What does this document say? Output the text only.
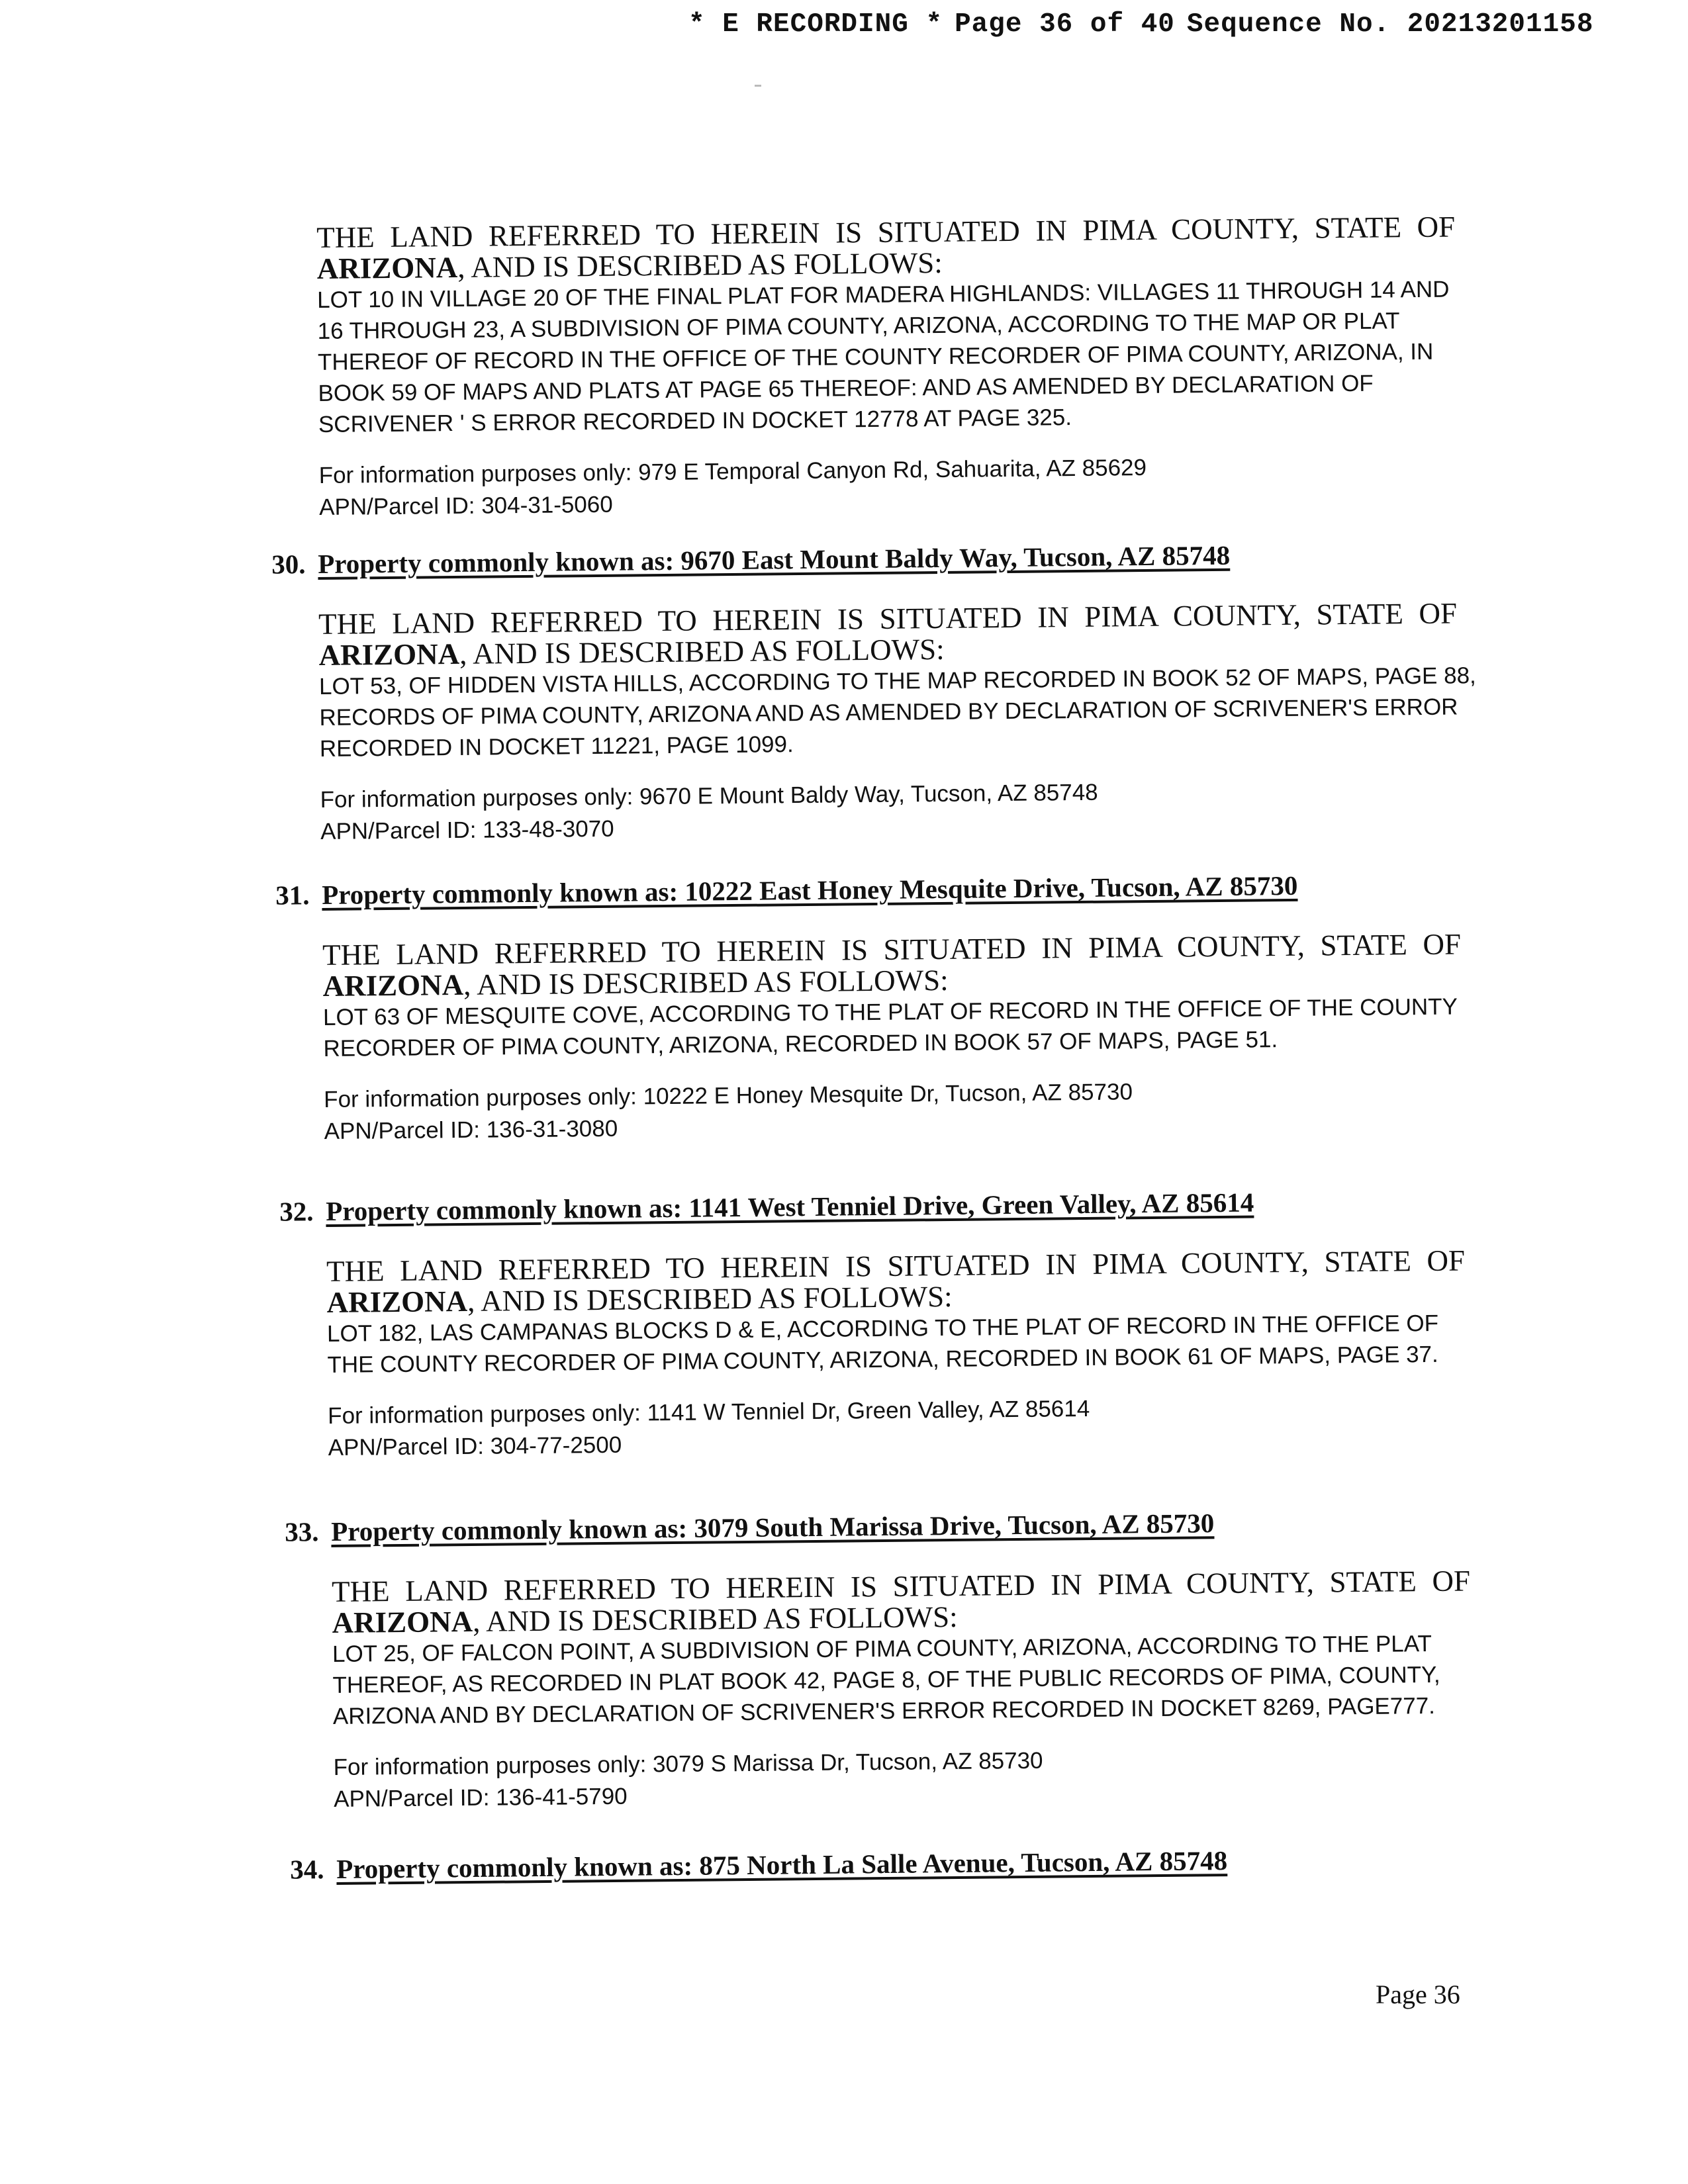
* E RECORDING * Page 36 of 40 Sequence No. 20213201158
THE LAND REFERRED TO HEREIN IS SITUATED IN PIMA COUNTY, STATE OF
ARIZONA, AND IS DESCRIBED AS FOLLOWS:
LOT 10 IN VILLAGE 20 OF THE FINAL PLAT FOR MADERA HIGHLANDS: VILLAGES 11 THROUGH 14 AND
16 THROUGH 23, A SUBDIVISION OF PIMA COUNTY, ARIZONA, ACCORDING TO THE MAP OR PLAT
THEREOF OF RECORD IN THE OFFICE OF THE COUNTY RECORDER OF PIMA COUNTY, ARIZONA, IN
BOOK 59 OF MAPS AND PLATS AT PAGE 65 THEREOF: AND AS AMENDED BY DECLARATION OF
SCRIVENER ' S ERROR RECORDED IN DOCKET 12778 AT PAGE 325.
For information purposes only: 979 E Temporal Canyon Rd, Sahuarita, AZ 85629
APN/Parcel ID: 304-31-5060
30. Property commonly known as: 9670 East Mount Baldy Way, Tucson, AZ 85748
THE LAND REFERRED TO HEREIN IS SITUATED IN PIMA COUNTY, STATE OF
ARIZONA, AND IS DESCRIBED AS FOLLOWS:
LOT 53, OF HIDDEN VISTA HILLS, ACCORDING TO THE MAP RECORDED IN BOOK 52 OF MAPS, PAGE 88,
RECORDS OF PIMA COUNTY, ARIZONA AND AS AMENDED BY DECLARATION OF SCRIVENER'S ERROR
RECORDED IN DOCKET 11221, PAGE 1099.
For information purposes only: 9670 E Mount Baldy Way, Tucson, AZ 85748
APN/Parcel ID: 133-48-3070
31. Property commonly known as: 10222 East Honey Mesquite Drive, Tucson, AZ 85730
THE LAND REFERRED TO HEREIN IS SITUATED IN PIMA COUNTY, STATE OF
ARIZONA, AND IS DESCRIBED AS FOLLOWS:
LOT 63 OF MESQUITE COVE, ACCORDING TO THE PLAT OF RECORD IN THE OFFICE OF THE COUNTY
RECORDER OF PIMA COUNTY, ARIZONA, RECORDED IN BOOK 57 OF MAPS, PAGE 51.
For information purposes only: 10222 E Honey Mesquite Dr, Tucson, AZ 85730
APN/Parcel ID: 136-31-3080
32. Property commonly known as: 1141 West Tenniel Drive, Green Valley, AZ 85614
THE LAND REFERRED TO HEREIN IS SITUATED IN PIMA COUNTY, STATE OF
ARIZONA, AND IS DESCRIBED AS FOLLOWS:
LOT 182, LAS CAMPANAS BLOCKS D & E, ACCORDING TO THE PLAT OF RECORD IN THE OFFICE OF
THE COUNTY RECORDER OF PIMA COUNTY, ARIZONA, RECORDED IN BOOK 61 OF MAPS, PAGE 37.
For information purposes only: 1141 W Tenniel Dr, Green Valley, AZ 85614
APN/Parcel ID: 304-77-2500
33. Property commonly known as: 3079 South Marissa Drive, Tucson, AZ 85730
THE LAND REFERRED TO HEREIN IS SITUATED IN PIMA COUNTY, STATE OF
ARIZONA, AND IS DESCRIBED AS FOLLOWS:
LOT 25, OF FALCON POINT, A SUBDIVISION OF PIMA COUNTY, ARIZONA, ACCORDING TO THE PLAT
THEREOF, AS RECORDED IN PLAT BOOK 42, PAGE 8, OF THE PUBLIC RECORDS OF PIMA, COUNTY,
ARIZONA AND BY DECLARATION OF SCRIVENER'S ERROR RECORDED IN DOCKET 8269, PAGE777.
For information purposes only: 3079 S Marissa Dr, Tucson, AZ 85730
APN/Parcel ID: 136-41-5790
34. Property commonly known as: 875 North La Salle Avenue, Tucson, AZ 85748
Page 36
